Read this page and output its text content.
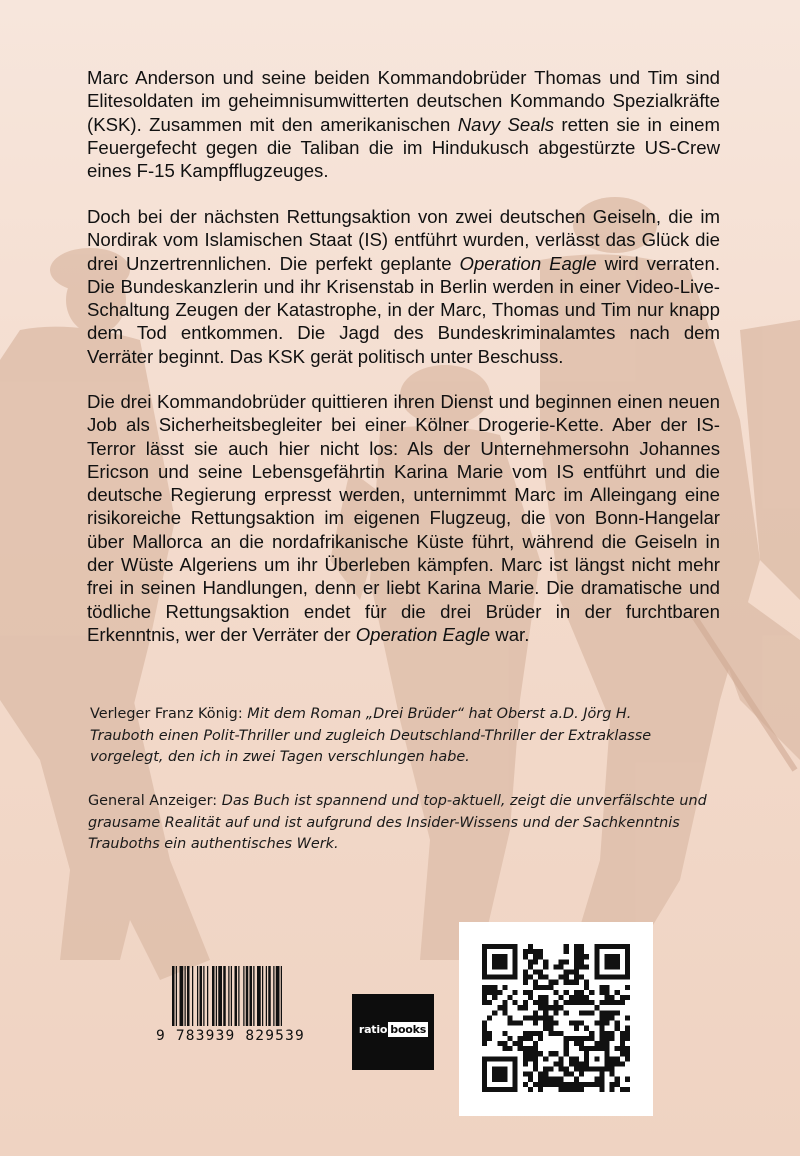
Marc Anderson und seine beiden Kommandobrüder Thomas und Tim sind Elitesoldaten im geheimnisumwitterten deutschen Kommando Spezialkräfte (KSK). Zusammen mit den amerikanischen Navy Seals retten sie in einem Feuergefecht gegen die Taliban die im Hindukusch abgestürzte US-Crew eines F-15 Kampfflugzeuges.

Doch bei der nächsten Rettungsaktion von zwei deutschen Geiseln, die im Nordirak vom Islamischen Staat (IS) entführt wurden, verlässt das Glück die drei Unzertrennlichen. Die perfekt geplante Operation Eagle wird verraten. Die Bundeskanzlerin und ihr Krisenstab in Berlin werden in einer Video-Live-Schaltung Zeugen der Katastrophe, in der Marc, Thomas und Tim nur knapp dem Tod entkommen. Die Jagd des Bundeskriminalamtes nach dem Verräter beginnt. Das KSK gerät politisch unter Beschuss.

Die drei Kommandobrüder quittieren ihren Dienst und beginnen einen neuen Job als Sicherheitsbegleiter bei einer Kölner Drogerie-Kette. Aber der IS-Terror lässt sie auch hier nicht los: Als der Unternehmersohn Johannes Ericson und seine Lebensgefährtin Karina Marie vom IS entführt und die deutsche Regierung erpresst werden, unternimmt Marc im Alleingang eine risikoreiche Rettungsaktion im eigenen Flugzeug, die von Bonn-Hangelar über Mallorca an die nordafrikanische Küste führt, während die Geiseln in der Wüste Algeriens um ihr Überleben kämpfen. Marc ist längst nicht mehr frei in seinen Handlungen, denn er liebt Karina Marie. Die dramatische und tödliche Rettungsaktion endet für die drei Brüder in der furchtbaren Erkenntnis, wer der Verräter der Operation Eagle war.

Verleger Franz König: Mit dem Roman „Drei Brüder“ hat Oberst a.D. Jörg H.
Trauboth einen Polit-Thriller und zugleich Deutschland-Thriller der Extraklasse
vorgelegt, den ich in zwei Tagen verschlungen habe.
General Anzeiger: Das Buch ist spannend und top-aktuell, zeigt die unverfälschte und
grausame Realität auf und ist aufgrund des Insider-Wissens und der Sachkenntnis
Trauboths ein authentisches Werk.
9 783939 829539	ratio books
